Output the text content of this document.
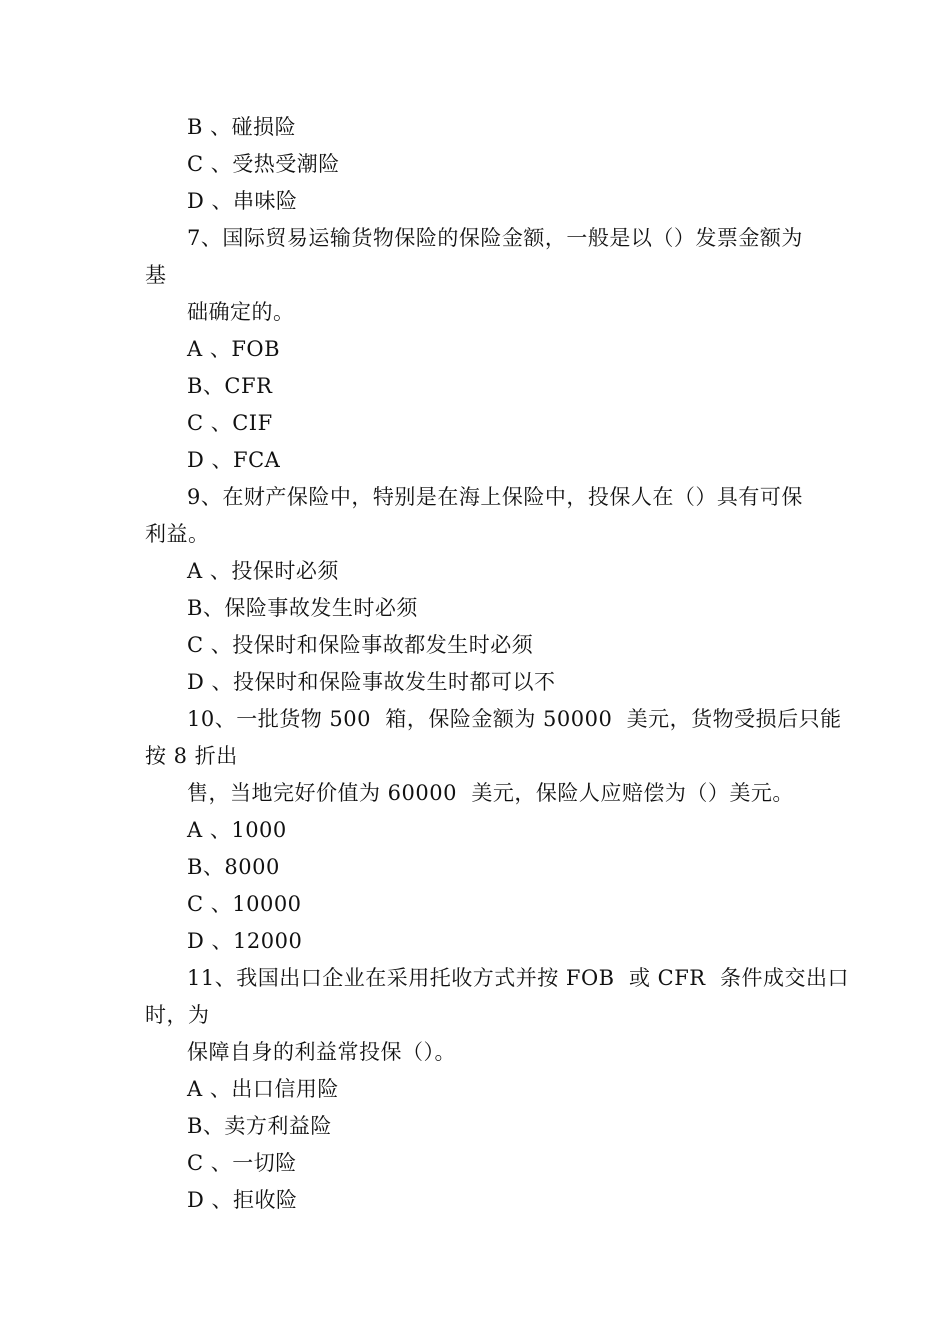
B 、碰损险
C 、受热受潮险
D 、串味险
7、国际贸易运输货物保险的保险金额，一般是以（）发票金额为
基
础确定的。
A 、FOB
B、CFR
C 、CIF
D 、FCA
9、在财产保险中，特别是在海上保险中，投保人在（）具有可保
利益。
A 、投保时必须
B、保险事故发生时必须
C 、投保时和保险事故都发生时必须
D 、投保时和保险事故发生时都可以不
10、一批货物 500  箱，保险金额为 50000  美元，货物受损后只能
按 8 折出
售，当地完好价值为 60000  美元，保险人应赔偿为（）美元。
A 、1000
B、8000
C 、10000
D 、12000
11、我国出口企业在采用托收方式并按 FOB  或 CFR  条件成交出口
时，为
保障自身的利益常投保（）。
A 、出口信用险
B、卖方利益险
C 、一切险
D 、拒收险
